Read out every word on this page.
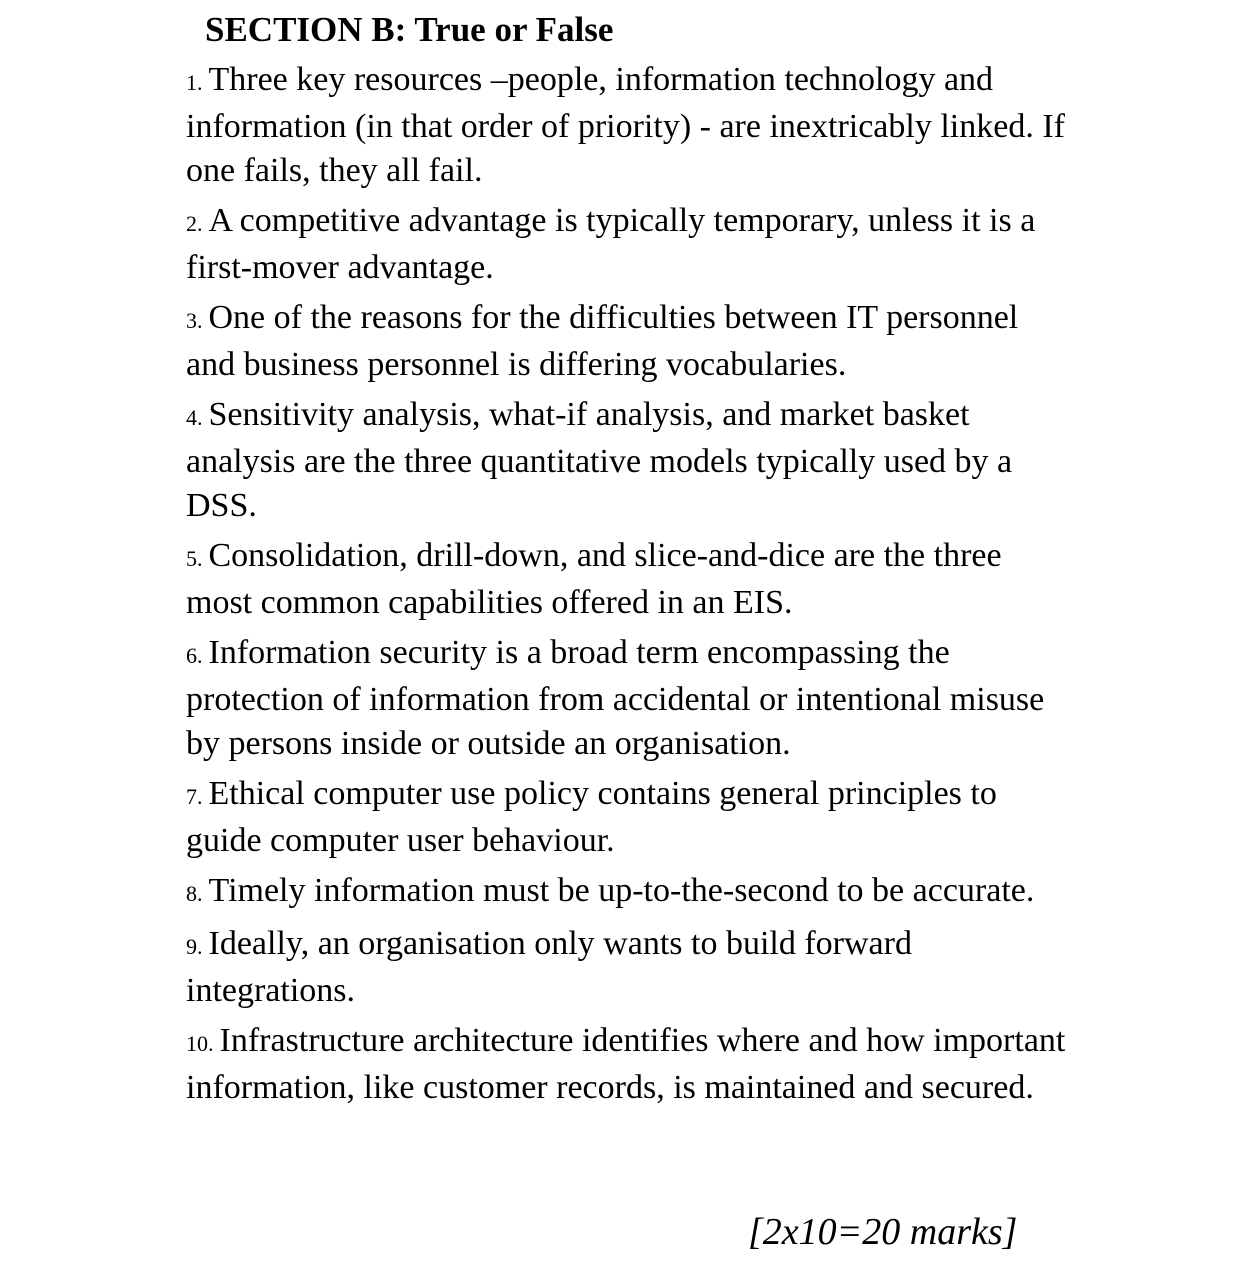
SECTION B: True or False
1. Three key resources –people, information technology and information (in that order of priority) - are inextricably linked. If one fails, they all fail.
2. A competitive advantage is typically temporary, unless it is a first-mover advantage.
3. One of the reasons for the difficulties between IT personnel and business personnel is differing vocabularies.
4. Sensitivity analysis, what-if analysis, and market basket analysis are the three quantitative models typically used by a DSS.
5. Consolidation, drill-down, and slice-and-dice are the three most common capabilities offered in an EIS.
6. Information security is a broad term encompassing the protection of information from accidental or intentional misuse by persons inside or outside an organisation.
7. Ethical computer use policy contains general principles to guide computer user behaviour.
8. Timely information must be up-to-the-second to be accurate.
9. Ideally, an organisation only wants to build forward integrations.
10. Infrastructure architecture identifies where and how important information, like customer records, is maintained and secured.
[2x10=20 marks]
